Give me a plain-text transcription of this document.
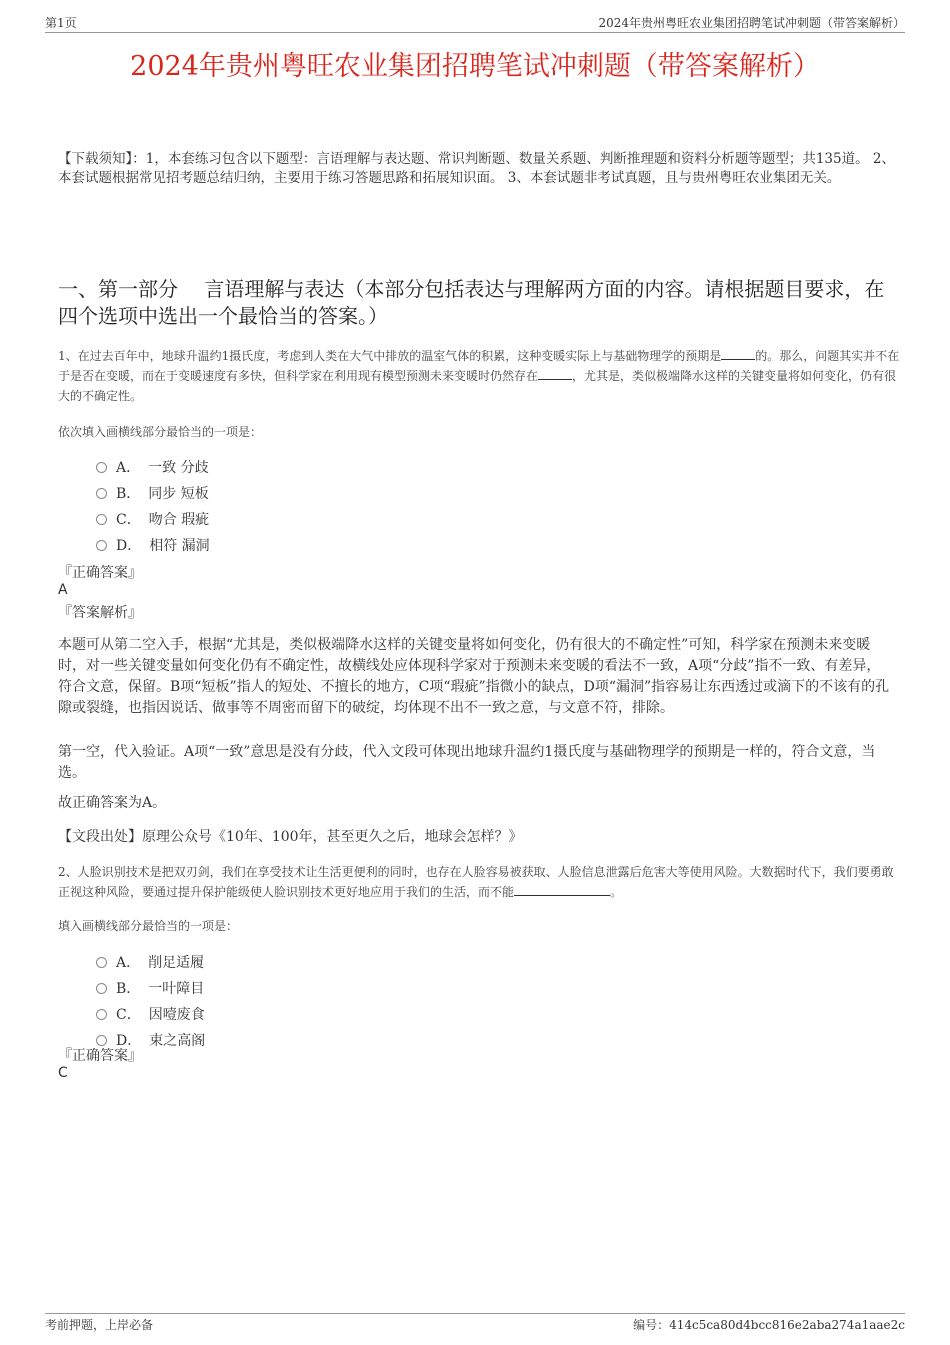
第1页	2024年贵州粤旺农业集团招聘笔试冲刺题（带答案解析）
2024年贵州粤旺农业集团招聘笔试冲刺题（带答案解析）
【下载须知】：1，本套练习包含以下题型：言语理解与表达题、常识判断题、数量关系题、判断推理题和资料分析题等题型；共135道。 2、本套试题根据常见招考题总结归纳，主要用于练习答题思路和拓展知识面。 3、本套试题非考试真题，且与贵州粤旺农业集团无关。
一、第一部分　 言语理解与表达（本部分包括表达与理解两方面的内容。请根据题目要求，在四个选项中选出一个最恰当的答案。）
1、在过去百年中，地球升温约1摄氏度，考虑到人类在大气中排放的温室气体的积累，这种变暖实际上与基础物理学的预期是	的。那么，问题其实并不在于是否在变暖，而在于变暖速度有多快，但科学家在利用现有模型预测未来变暖时仍然存在	，尤其是，类似极端降水这样的关键变量将如何变化，仍有很大的不确定性。
依次填入画横线部分最恰当的一项是：
A． 一致 分歧
B． 同步 短板
C． 吻合 瑕疵
D． 相符 漏洞
『正确答案』
A
『答案解析』
本题可从第二空入手，根据“尤其是，类似极端降水这样的关键变量将如何变化，仍有很大的不确定性”可知，科学家在预测未来变暖时，对一些关键变量如何变化仍有不确定性，故横线处应体现科学家对于预测未来变暖的看法不一致，A项“分歧”指不一致、有差异，符合文意，保留。B项“短板”指人的短处、不擅长的地方，C项“瑕疵”指微小的缺点，D项“漏洞”指容易让东西透过或滴下的不该有的孔隙或裂缝，也指因说话、做事等不周密而留下的破绽，均体现不出不一致之意，与文意不符，排除。
第一空，代入验证。A项“一致”意思是没有分歧，代入文段可体现出地球升温约1摄氏度与基础物理学的预期是一样的，符合文意，当选。
故正确答案为A。
【文段出处】原理公众号《10年、100年，甚至更久之后，地球会怎样？》
2、人脸识别技术是把双刃剑，我们在享受技术让生活更便利的同时，也存在人脸容易被获取、人脸信息泄露后危害大等使用风险。大数据时代下，我们要勇敢正视这种风险，要通过提升保护能级使人脸识别技术更好地应用于我们的生活，而不能	。
填入画横线部分最恰当的一项是：
A． 削足适履
B． 一叶障目
C． 因噎废食
D． 束之高阁
『正确答案』
C
考前押题，上岸必备	编号：414c5ca80d4bcc816e2aba274a1aae2c
